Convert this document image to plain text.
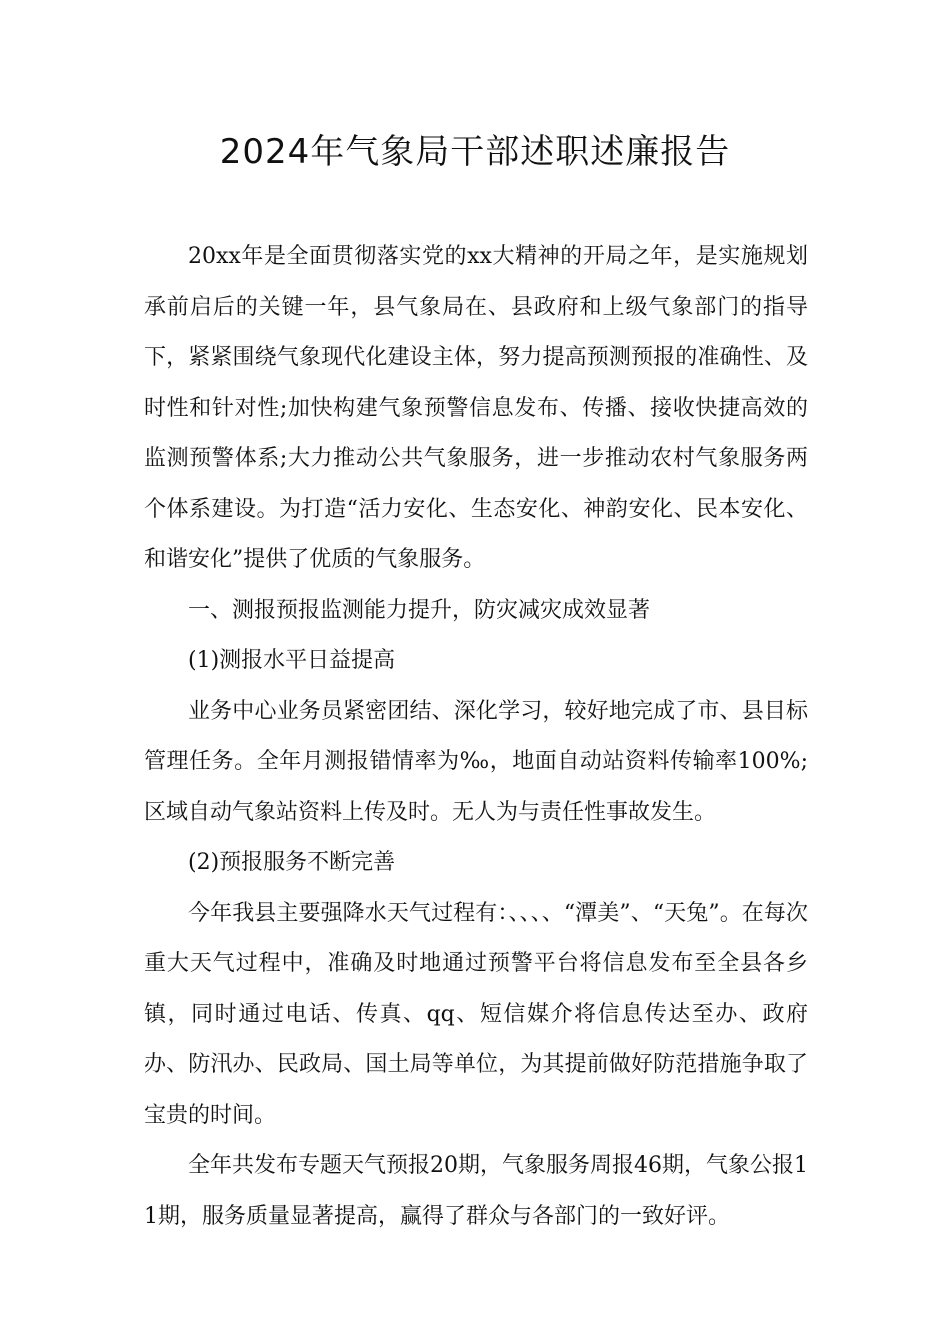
2024年气象局干部述职述廉报告

20xx年是全面贯彻落实党的xx大精神的开局之年，是实施规划承前启后的关键一年，县气象局在、县政府和上级气象部门的指导下，紧紧围绕气象现代化建设主体，努力提高预测预报的准确性、及时性和针对性;加快构建气象预警信息发布、传播、接收快捷高效的监测预警体系;大力推动公共气象服务，进一步推动农村气象服务两个体系建设。为打造“活力安化、生态安化、神韵安化、民本安化、和谐安化”提供了优质的气象服务。

一、测报预报监测能力提升，防灾减灾成效显著

(1)测报水平日益提高

业务中心业务员紧密团结、深化学习，较好地完成了市、县目标管理任务。全年月测报错情率为‰，地面自动站资料传输率100%;区域自动气象站资料上传及时。无人为与责任性事故发生。

(2)预报服务不断完善

今年我县主要强降水天气过程有：、、、、“潭美”、“天兔”。在每次重大天气过程中，准确及时地通过预警平台将信息发布至全县各乡镇，同时通过电话、传真、qq、短信媒介将信息传达至办、政府办、防汛办、民政局、国土局等单位，为其提前做好防范措施争取了宝贵的时间。

全年共发布专题天气预报20期，气象服务周报46期，气象公报11期，服务质量显著提高，赢得了群众与各部门的一致好评。
